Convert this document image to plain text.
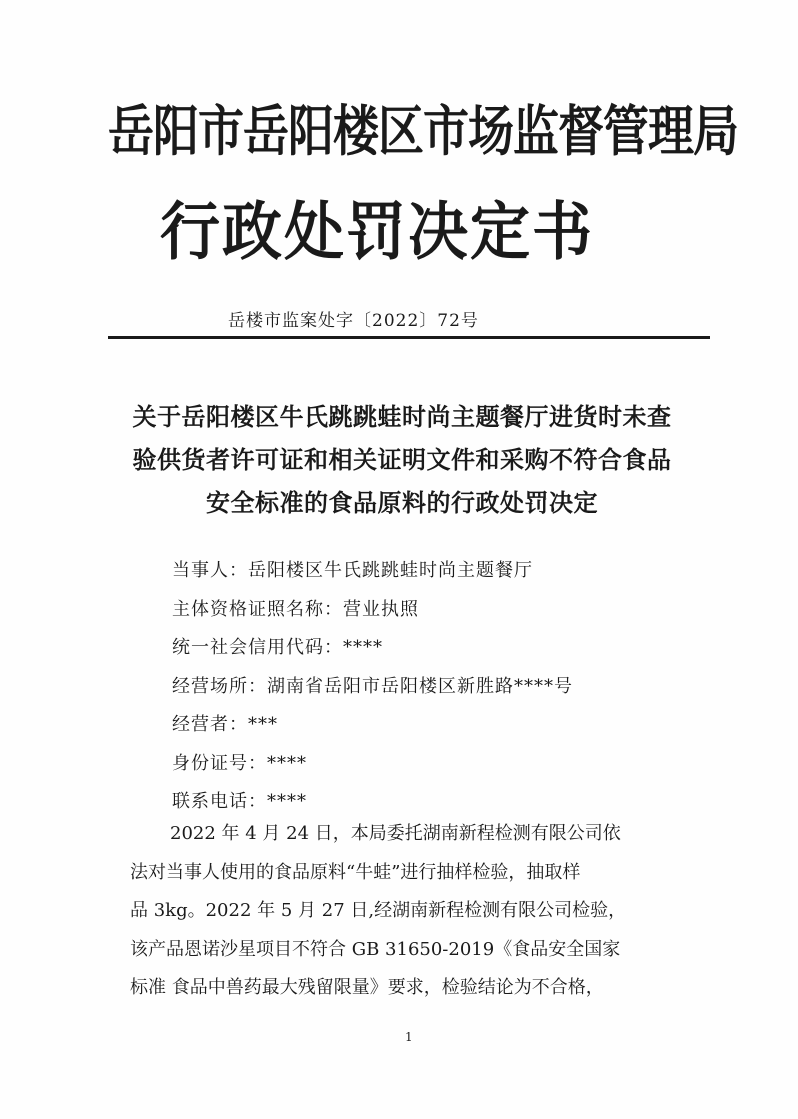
岳阳市岳阳楼区市场监督管理局
行政处罚决定书
岳楼市监案处字〔2022〕72号
关于岳阳楼区牛氏跳跳蛙时尚主题餐厅进货时未查
验供货者许可证和相关证明文件和采购不符合食品
安全标准的食品原料的行政处罚决定
当事人：岳阳楼区牛氏跳跳蛙时尚主题餐厅
主体资格证照名称：营业执照
统一社会信用代码：****
经营场所：湖南省岳阳市岳阳楼区新胜路****号
经营者：***
身份证号：****
联系电话：****
2022 年 4 月 24 日，本局委托湖南新程检测有限公司依
法对当事人使用的食品原料“牛蛙”进行抽样检验，抽取样
品 3kg。2022 年 5 月 27 日,经湖南新程检测有限公司检验，
该产品恩诺沙星项目不符合 GB 31650-2019《食品安全国家
标准 食品中兽药最大残留限量》要求，检验结论为不合格，
1
